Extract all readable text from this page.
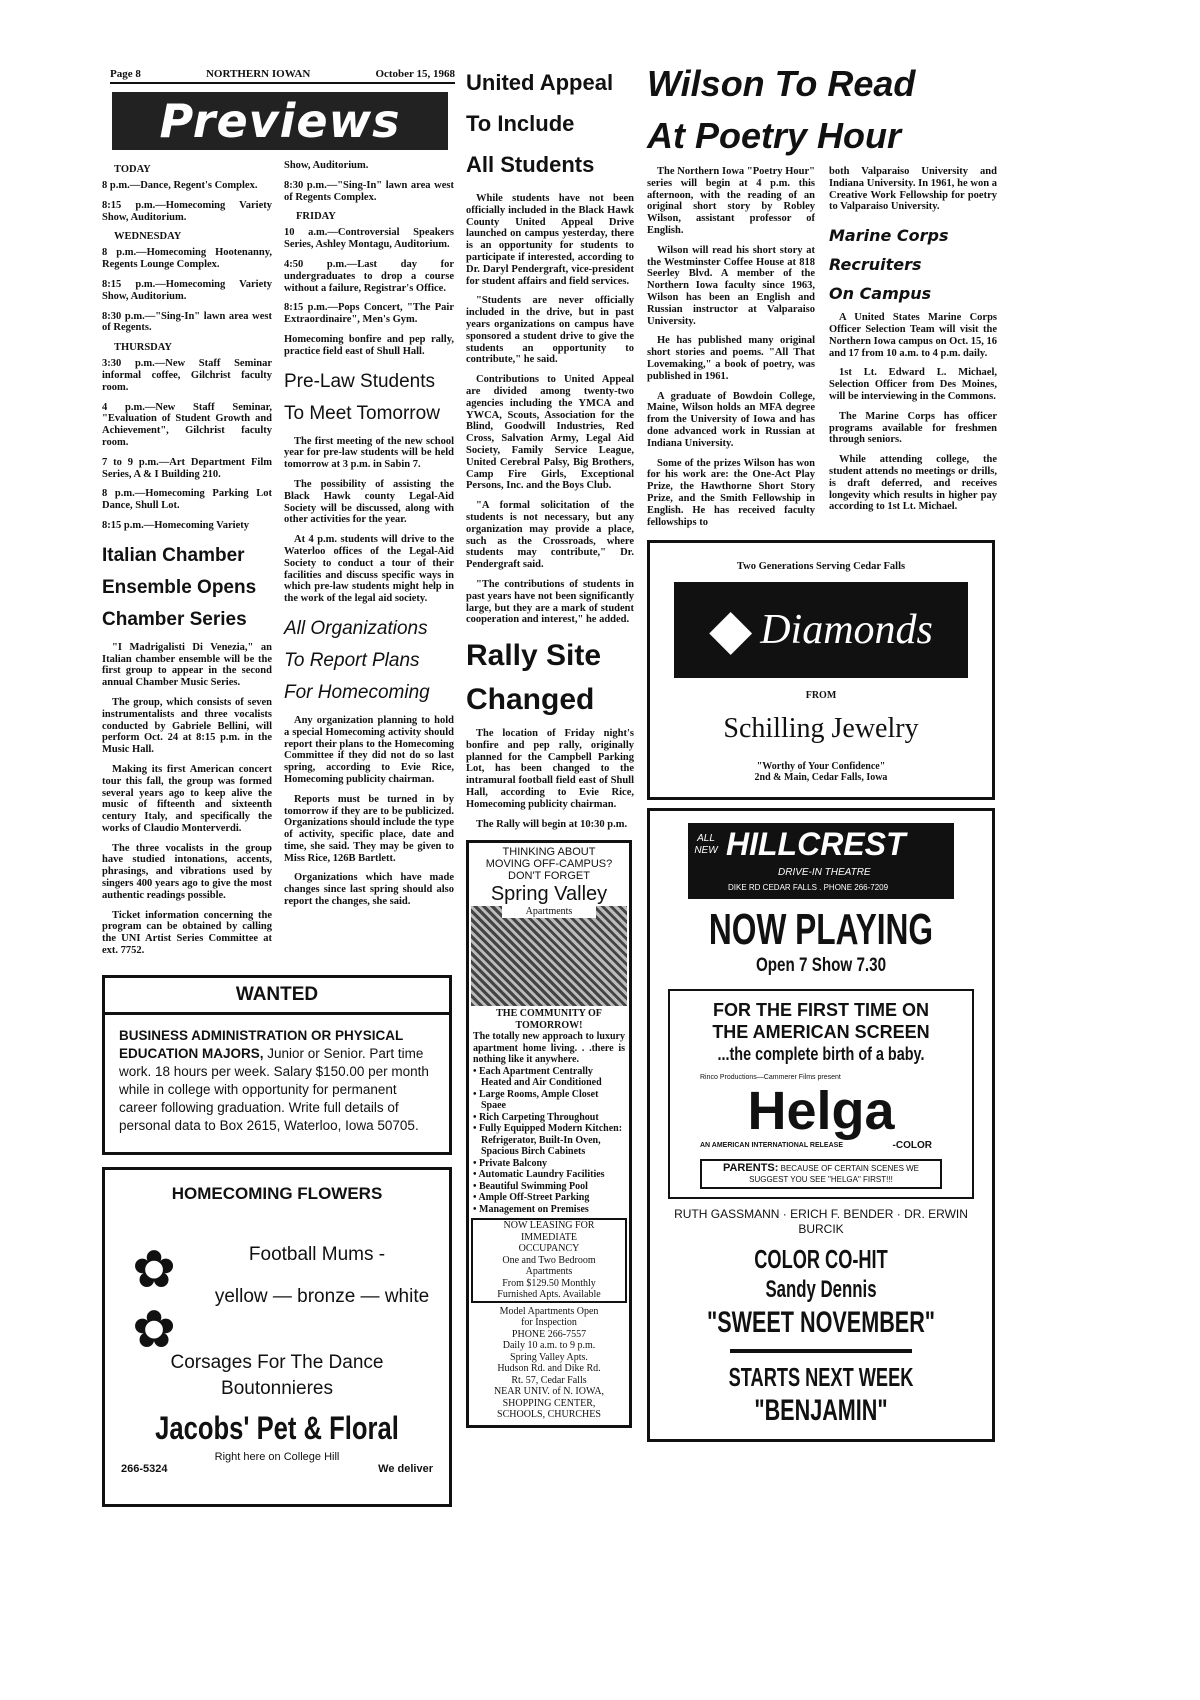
Page 8	NORTHERN IOWAN	October 15, 1968
Previews
TODAY

8 p.m.—Dance, Regent's Complex.

8:15 p.m.—Homecoming Variety Show, Auditorium.

WEDNESDAY

8 p.m.—Homecoming Hootenanny, Regents Lounge Complex.

8:15 p.m.—Homecoming Variety Show, Auditorium.

8:30 p.m.—"Sing-In" lawn area west of Regents.

THURSDAY

3:30 p.m.—New Staff Seminar informal coffee, Gilchrist faculty room.

4 p.m.—New Staff Seminar, "Evaluation of Student Growth and Achievement", Gilchrist faculty room.

7 to 9 p.m.—Art Department Film Series, A & I Building 210.

8 p.m.—Homecoming Parking Lot Dance, Shull Lot.

8:15 p.m.—Homecoming Variety

Italian Chamber
Ensemble Opens
Chamber Series

"I Madrigalisti Di Venezia," an Italian chamber ensemble will be the first group to appear in the second annual Chamber Music Series.

The group, which consists of seven instrumentalists and three vocalists conducted by Gabriele Bellini, will perform Oct. 24 at 8:15 p.m. in the Music Hall.

Making its first American concert tour this fall, the group was formed several years ago to keep alive the music of fifteenth and sixteenth century Italy, and specifically the works of Claudio Monterverdi.

The three vocalists in the group have studied intonations, accents, phrasings, and vibrations used by singers 400 years ago to give the most authentic readings possible.

Ticket information concerning the program can be obtained by calling the UNI Artist Series Committee at ext. 7752.

Show, Auditorium.

8:30 p.m.—"Sing-In" lawn area west of Regents Complex.

FRIDAY

10 a.m.—Controversial Speakers Series, Ashley Montagu, Auditorium.

4:50 p.m.—Last day for undergraduates to drop a course without a failure, Registrar's Office.

8:15 p.m.—Pops Concert, "The Pair Extraordinaire", Men's Gym.

Homecoming bonfire and pep rally, practice field east of Shull Hall.

Pre-Law Students
To Meet Tomorrow

The first meeting of the new school year for pre-law students will be held tomorrow at 3 p.m. in Sabin 7.

The possibility of assisting the Black Hawk county Legal-Aid Society will be discussed, along with other activities for the year.

At 4 p.m. students will drive to the Waterloo offices of the Legal-Aid Society to conduct a tour of their facilities and discuss specific ways in which pre-law students might help in the work of the legal aid society.

All Organizations
To Report Plans
For Homecoming

Any organization planning to hold a special Homecoming activity should report their plans to the Homecoming Committee if they did not do so last spring, according to Evie Rice, Homecoming publicity chairman.

Reports must be turned in by tomorrow if they are to be publicized. Organizations should include the type of activity, specific place, date and time, she said. They may be given to Miss Rice, 126B Bartlett.

Organizations which have made changes since last spring should also report the changes, she said.

WANTED
BUSINESS ADMINISTRATION OR PHYSICAL EDUCATION MAJORS, Junior or Senior. Part time work. 18 hours per week. Salary $150.00 per month while in college with opportunity for permanent career following graduation. Write full details of personal data to Box 2615, Waterloo, Iowa 50705.
HOMECOMING FLOWERS
✿
✿
Football Mums -
yellow — bronze — white
Corsages For The Dance
Boutonnieres
Jacobs' Pet & Floral
Right here on College Hill
266-5324	We deliver
United Appeal
To Include
All Students

While students have not been officially included in the Black Hawk County United Appeal Drive launched on campus yesterday, there is an opportunity for students to participate if interested, according to Dr. Daryl Pendergraft, vice-president for student affairs and field services.

"Students are never officially included in the drive, but in past years organizations on campus have sponsored a student drive to give the students an opportunity to contribute," he said.

Contributions to United Appeal are divided among twenty-two agencies including the YMCA and YWCA, Scouts, Association for the Blind, Goodwill Industries, Red Cross, Salvation Army, Legal Aid Society, Family Service League, United Cerebral Palsy, Big Brothers, Camp Fire Girls, Exceptional Persons, Inc. and the Boys Club.

"A formal solicitation of the students is not necessary, but any organization may provide a place, such as the Crossroads, where students may contribute," Dr. Pendergraft said.

"The contributions of students in past years have not been significantly large, but they are a mark of student cooperation and interest," he added.

Rally Site
Changed

The location of Friday night's bonfire and pep rally, originally planned for the Campbell Parking Lot, has been changed to the intramural football field east of Shull Hall, according to Evie Rice, Homecoming publicity chairman.

The Rally will begin at 10:30 p.m.

THINKING ABOUT
MOVING OFF-CAMPUS?
DON'T FORGET
Spring Valley
Apartments
THE COMMUNITY OF
TOMORROW!
The totally new approach to luxury apartment home living. . .there is nothing like it anywhere.
• Each Apartment Centrally Heated and Air Conditioned
• Large Rooms, Ample Closet Spaee
• Rich Carpeting Throughout
• Fully Equipped Modern Kitchen: Refrigerator, Built-In Oven, Spacious Birch Cabinets
• Private Balcony
• Automatic Laundry Facilities
• Beautiful Swimming Pool
• Ample Off-Street Parking
• Management on Premises
NOW LEASING FOR
IMMEDIATE
OCCUPANCY
One and Two Bedroom
Apartments
From $129.50 Monthly
Furnished Apts. Available
Model Apartments Open
for Inspection
PHONE 266-7557
Daily 10 a.m. to 9 p.m.
Spring Valley Apts.
Hudson Rd. and Dike Rd.
Rt. 57, Cedar Falls
NEAR UNIV. of N. IOWA,
SHOPPING CENTER,
SCHOOLS, CHURCHES
Wilson To Read
At Poetry Hour

The Northern Iowa "Poetry Hour" series will begin at 4 p.m. this afternoon, with the reading of an original short story by Robley Wilson, assistant professor of English.

Wilson will read his short story at the Westminster Coffee House at 818 Seerley Blvd. A member of the Northern Iowa faculty since 1963, Wilson has been an English and Russian instructor at Valparaiso University.

He has published many original short stories and poems. "All That Lovemaking," a book of poetry, was published in 1961.

A graduate of Bowdoin College, Maine, Wilson holds an MFA degree from the University of Iowa and has done advanced work in Russian at Indiana University.

Some of the prizes Wilson has won for his work are: the One-Act Play Prize, the Hawthorne Short Story Prize, and the Smith Fellowship in English. He has received faculty fellowships to

both Valparaiso University and Indiana University. In 1961, he won a Creative Work Fellowship for poetry to Valparaiso University.

Marine Corps
Recruiters
On Campus

A United States Marine Corps Officer Selection Team will visit the Northern Iowa campus on Oct. 15, 16 and 17 from 10 a.m. to 4 p.m. daily.

1st Lt. Edward L. Michael, Selection Officer from Des Moines, will be interviewing in the Commons.

The Marine Corps has officer programs available for freshmen through seniors.

While attending college, the student attends no meetings or drills, is draft deferred, and receives longevity which results in higher pay according to 1st Lt. Michael.

Two Generations Serving Cedar Falls
◆ Diamonds
FROM
Schilling Jewelry
"Worthy of Your Confidence"
2nd & Main, Cedar Falls, Iowa
ALL NEW HILLCREST
DRIVE-IN THEATRE
DIKE RD CEDAR FALLS . PHONE 266-7209
NOW PLAYING
Open 7 Show 7.30
FOR THE FIRST TIME ON
THE AMERICAN SCREEN
...the complete birth of a baby.
Rinco Productions—Cammerer Films present
Helga
AN AMERICAN INTERNATIONAL RELEASE	-COLOR
PARENTS: BECAUSE OF CERTAIN SCENES WE SUGGEST YOU SEE "HELGA" FIRST!!!
RUTH GASSMANN · ERICH F. BENDER · DR. ERWIN BURCIK
COLOR CO-HIT
Sandy Dennis
"SWEET NOVEMBER"
STARTS NEXT WEEK
"BENJAMIN"
